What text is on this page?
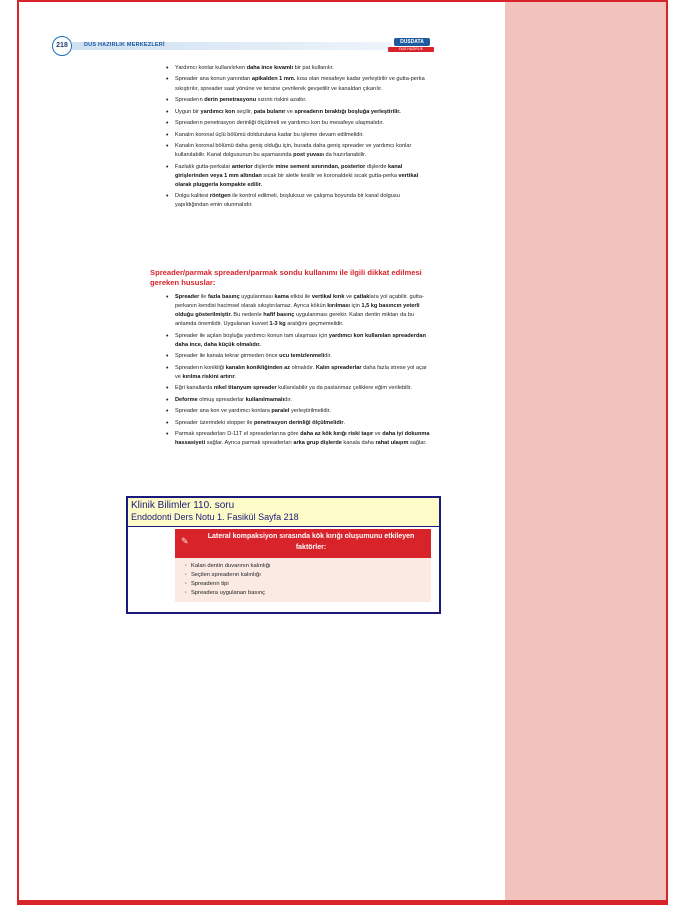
218	DUS HAZIRLIK MERKEZLERİ	DUSDATA
DUS HAZIRLIK MERKEZLERİ
• Yardımcı konlar kullanılırken daha ince kıvamlı bir pat kullanılır.
• Spreader ana konun yanından apikalden 1 mm. kısa olan mesafeye kadar yerleştirilir ve gutta-perka sıkıştırılır, spreader saat yönüne ve tersine çevrilerek gevşetilir ve kanaldan çıkarılır.
• Spreaderın derin penetrasyonu sızıntı riskini azaltır.
• Uygun bir yardımcı kon seçilir, pata bulanır ve spreaderın bıraktığı boşluğa yerleştirilir.
• Spreaderın penetrasyon derinliği ölçülmeli ve yardımcı kon bu mesafeye ulaşmalıdır.
• Kanalın koronal üçlü bölümü doldurulana kadar bu işleme devam edilmelidir.
• Kanalın koronal bölümü daha geniş olduğu için, burada daha geniş spreader ve yardımcı konlar kullanılabilir. Kanal dolgusunun bu aşamasında post yuvası da hazırlanabilir.
• Fazlalık gutta-perkalar anterior dişlerde mine sement sınırından, posterior dişlerde kanal girişlerinden veya 1 mm altından sıcak bir aletle kesilir ve koronaldeki sıcak gutta-perka vertikal olarak pluggerla kompakte edilir.
• Dolgu kalitesi röntgen ile kontrol edilmeli, boşluksuz ve çalışma boyunda bir kanal dolgusu yapıldığından emin olunmalıdır.
Spreader/parmak spreaderı/parmak sondu kullanımı ile ilgili dikkat edilmesi gereken hususlar:
• Spreader ile fazla basınç uygulanması kama etkisi ile vertikal kırık ve çatlaklara yol açabilir. gutta-perkanın kendisi hacimsel olarak sıkıştırılamaz. Ayrıca kökün kırılması için 1,5 kg basıncın yeterli olduğu gösterilmiştir. Bu nedenle hafif basınç uygulanması gerekir. Kalan dentin miktarı da bu anlamda önemlidir. Uygulanan kuvvet 1-3 kg aralığını geçmemelidir.
• Spreader ile açılan boşluğa yardımcı konun tam ulaşması için yardımcı kon kullanılan spreaderdan daha ince, daha küçük olmalıdır.
• Spreader ile kanala tekrar girmeden önce ucu temizlenmelidir.
• Spreaderın konikliği kanalın konikliğinden az olmalıdır. Kalın spreaderlar daha fazla strese yol açar ve kırılma riskini artırır.
• Eğri kanallarda nikel titanyum spreader kullanılabilir ya da paslanmaz çeliklere eğim verilebilir.
• Deforme olmuş spreaderlar kullanılmamalıdır.
• Spreader ana kon ve yardımcı konlara paralel yerleştirilmelidir.
• Spreader üzerindeki stopper ile penetrasyon derinliği ölçülmelidir.
• Parmak spreaderları D-11T el spreaderlarına göre daha az kök kırığı riski taşır ve daha iyi dokunma hassasiyeti sağlar. Ayrıca parmak spreaderları arka grup dişlerde kanala daha rahat ulaşım sağlar.
Klinik Bilimler 110. soru
Endodonti Ders Notu 1. Fasikül Sayfa 218
✎	Lateral kompaksiyon sırasında kök kırığı oluşumunu etkileyen faktörler:
· Kalan dentin duvarının kalınlığı
· Seçilen spreaderın kalınlığı
· Spreaderın tipi
· Spreadera uygulanan basınç
